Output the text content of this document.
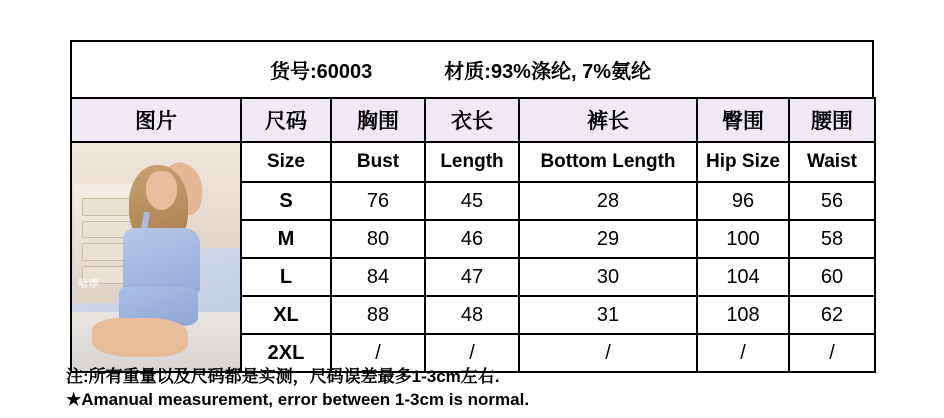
货号:60003	材质:93%涤纶, 7%氨纶
图片	尺码	胸围	衣长	裤长	臀围	腰围

哈啰	Size	Bust	Length	Bottom Length	Hip Size	Waist
	S	76	45	28	96	56
	M	80	46	29	100	58
	L	84	47	30	104	60
	XL	88	48	31	108	62
	2XL	/	/	/	/	/
注:所有重量以及尺码都是实测，尺码误差最多1-3cm左右.
★Amanual measurement, error between 1-3cm is normal.
